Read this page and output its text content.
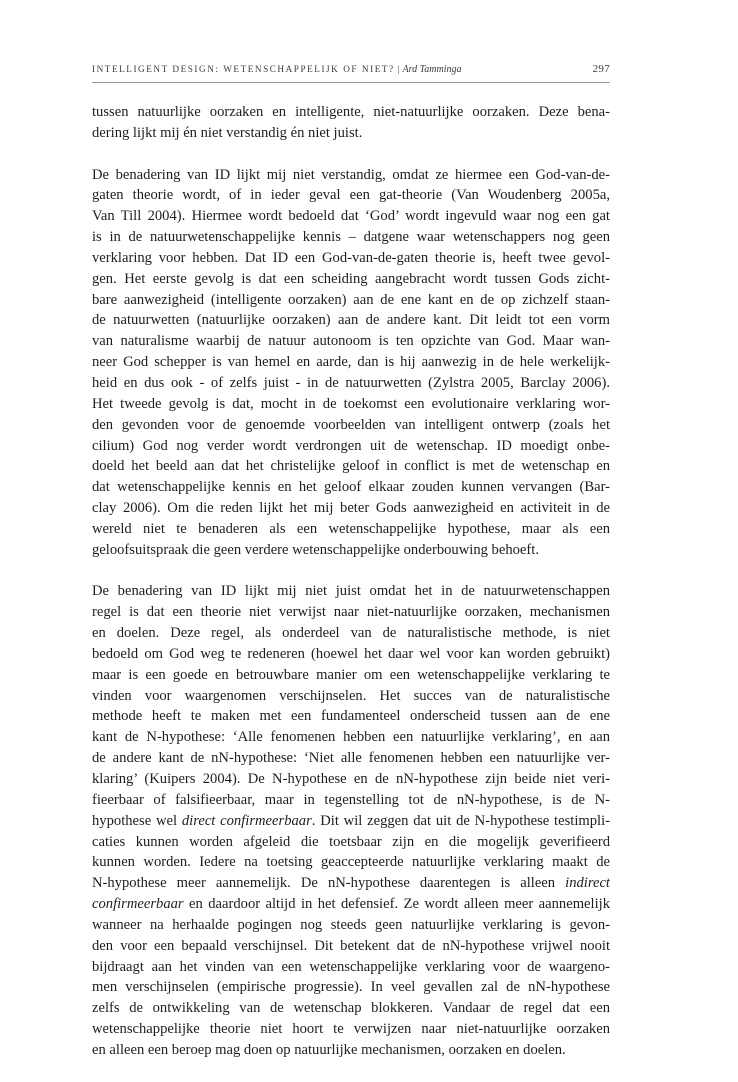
INTELLIGENT DESIGN: WETENSCHAPPELIJK OF NIET? | Ard Tamminga	297
tussen natuurlijke oorzaken en intelligente, niet-natuurlijke oorzaken. Deze bena-
dering lijkt mij én niet verstandig én niet juist.
De benadering van ID lijkt mij niet verstandig, omdat ze hiermee een God-van-de-
gaten theorie wordt, of in ieder geval een gat-theorie (Van Woudenberg 2005a,
Van Till 2004). Hiermee wordt bedoeld dat ‘God’ wordt ingevuld waar nog een gat
is in de natuurwetenschappelijke kennis – datgene waar wetenschappers nog geen
verklaring voor hebben. Dat ID een God-van-de-gaten theorie is, heeft twee gevol-
gen. Het eerste gevolg is dat een scheiding aangebracht wordt tussen Gods zicht-
bare aanwezigheid (intelligente oorzaken) aan de ene kant en de op zichzelf staan-
de natuurwetten (natuurlijke oorzaken) aan de andere kant. Dit leidt tot een vorm
van naturalisme waarbij de natuur autonoom is ten opzichte van God. Maar wan-
neer God schepper is van hemel en aarde, dan is hij aanwezig in de hele werkelijk-
heid en dus ook - of zelfs juist - in de natuurwetten (Zylstra 2005, Barclay 2006).
Het tweede gevolg is dat, mocht in de toekomst een evolutionaire verklaring wor-
den gevonden voor de genoemde voorbeelden van intelligent ontwerp (zoals het
cilium) God nog verder wordt verdrongen uit de wetenschap. ID moedigt onbe-
doeld het beeld aan dat het christelijke geloof in conflict is met de wetenschap en
dat wetenschappelijke kennis en het geloof elkaar zouden kunnen vervangen (Bar-
clay 2006). Om die reden lijkt het mij beter Gods aanwezigheid en activiteit in de
wereld niet te benaderen als een wetenschappelijke hypothese, maar als een
geloofsuitspraak die geen verdere wetenschappelijke onderbouwing behoeft.
De benadering van ID lijkt mij niet juist omdat het in de natuurwetenschappen
regel is dat een theorie niet verwijst naar niet-natuurlijke oorzaken, mechanismen
en doelen. Deze regel, als onderdeel van de naturalistische methode, is niet
bedoeld om God weg te redeneren (hoewel het daar wel voor kan worden gebruikt)
maar is een goede en betrouwbare manier om een wetenschappelijke verklaring te
vinden voor waargenomen verschijnselen. Het succes van de naturalistische
methode heeft te maken met een fundamenteel onderscheid tussen aan de ene
kant de N-hypothese: ‘Alle fenomenen hebben een natuurlijke verklaring’, en aan
de andere kant de nN-hypothese: ‘Niet alle fenomenen hebben een natuurlijke ver-
klaring’ (Kuipers 2004). De N-hypothese en de nN-hypothese zijn beide niet veri-
fieerbaar of falsifieerbaar, maar in tegenstelling tot de nN-hypothese, is de N-
hypothese wel direct confirmeerbaar. Dit wil zeggen dat uit de N-hypothese testimpli-
caties kunnen worden afgeleid die toetsbaar zijn en die mogelijk geverifieerd
kunnen worden. Iedere na toetsing geaccepteerde natuurlijke verklaring maakt de
N-hypothese meer aannemelijk. De nN-hypothese daarentegen is alleen indirect
confirmeerbaar en daardoor altijd in het defensief. Ze wordt alleen meer aannemelijk
wanneer na herhaalde pogingen nog steeds geen natuurlijke verklaring is gevon-
den voor een bepaald verschijnsel. Dit betekent dat de nN-hypothese vrijwel nooit
bijdraagt aan het vinden van een wetenschappelijke verklaring voor de waargeno-
men verschijnselen (empirische progressie). In veel gevallen zal de nN-hypothese
zelfs de ontwikkeling van de wetenschap blokkeren. Vandaar de regel dat een
wetenschappelijke theorie niet hoort te verwijzen naar niet-natuurlijke oorzaken
en alleen een beroep mag doen op natuurlijke mechanismen, oorzaken en doelen.
